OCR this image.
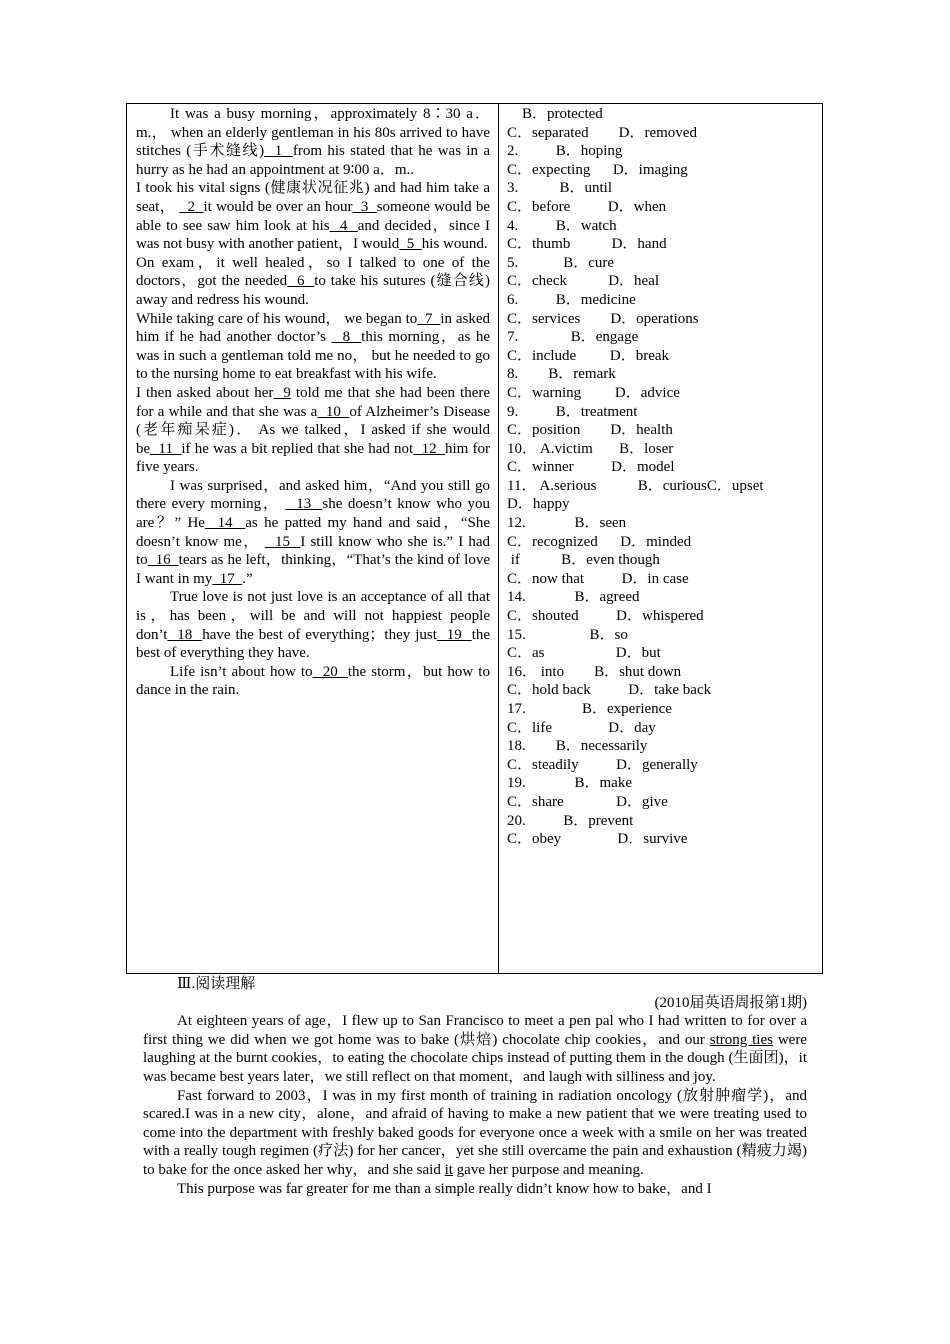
It was a busy morning，approximately 8∶30 a． m.， when an elderly gentleman in his 80s arrived to have stitches (手术缝线)  1  from his stated that he was in a hurry as he had an appointment at 9∶00 a．m..

I took his vital signs (健康状况征兆) and had him take a seat，   2  it would be over an hour  3  someone would be able to see saw him look at his  4  and decided，since I was not busy with another patient，I would  5  his wound.

On exam，it well healed，so I talked to one of the doctors，got the needed  6  to take his sutures (缝合线) away and redress his wound.

While taking care of his wound， we began to  7  in asked him if he had another doctor’s   8  this morning，as he was in such a gentleman told me no， but he needed to go to the nursing home to eat breakfast with his wife.

I then asked about her  9 told me that she had been there for a while and that she was a  10  of Alzheimer’s Disease (老年痴呆症)． As we talked，I asked if she would be  11  if he was a bit replied that she had not  12  him for five years.

I was surprised，and asked him，“And you still go there every morning，   13  she doesn’t know who you are？” He  14  as he patted my hand and said，“She doesn’t know me，   15  I still know who she is.” I had to  16  tears as he left，thinking，“That’s the kind of love I want in my  17  .”

True love is not just love is an acceptance of all that is，has been，will be and will not happiest people don’t  18  have the best of everything；they just  19  the best of everything they have.

Life isn’t about how to  20  the storm，but how to dance in the rain.

B．protected
C．separated        D．removed
2.          B．hoping
C．expecting      D．imaging
3.           B．until
C．before          D．when
4.          B．watch
C．thumb           D．hand
5.            B．cure
C．check           D．heal
6.          B．medicine
C．services        D．operations
7.              B．engage
C．include         D．break
8.        B．remark
C．warning         D．advice
9.          B．treatment
C．position        D．health
10． A.victim       B．loser
C．winner          D．model
11． A.serious           B．curiousC．upset
D．happy
12.             B．seen
C．recognized      D．minded
if           B．even though
C．now that          D．in case
14.             B．agreed
C．shouted          D．whispered
15.                 B．so
C．as                   D．but
16． into        B．shut down
C．hold back          D．take back
17.               B．experience
C．life               D．day
18.        B．necessarily
C．steadily          D．generally
19.             B．make
C．share              D．give
20.          B．prevent
C．obey               D．survive

Ⅲ.阅读理解

(2010届英语周报第1期)

At eighteen years of age，I flew up to San Francisco to meet a pen pal who I had written to for over a first thing we did when we got home was to bake (烘焙) chocolate chip cookies，and our strong ties were laughing at the burnt cookies，to eating the chocolate chips instead of putting them in the dough (生面团)，it was became best years later，we still reflect on that moment，and laugh with silliness and joy.

Fast forward to 2003，I was in my first month of training in radiation oncology (放射肿瘤学)，and scared.I was in a new city，alone，and afraid of having to make a new patient that we were treating used to come into the department with freshly baked goods for everyone once a week with a smile on her was treated with a really tough regimen (疗法) for her cancer，yet she still overcame the pain and exhaustion (精疲力竭) to bake for the once asked her why，and she said it gave her purpose and meaning.

This purpose was far greater for me than a simple really didn’t know how to bake，and I
